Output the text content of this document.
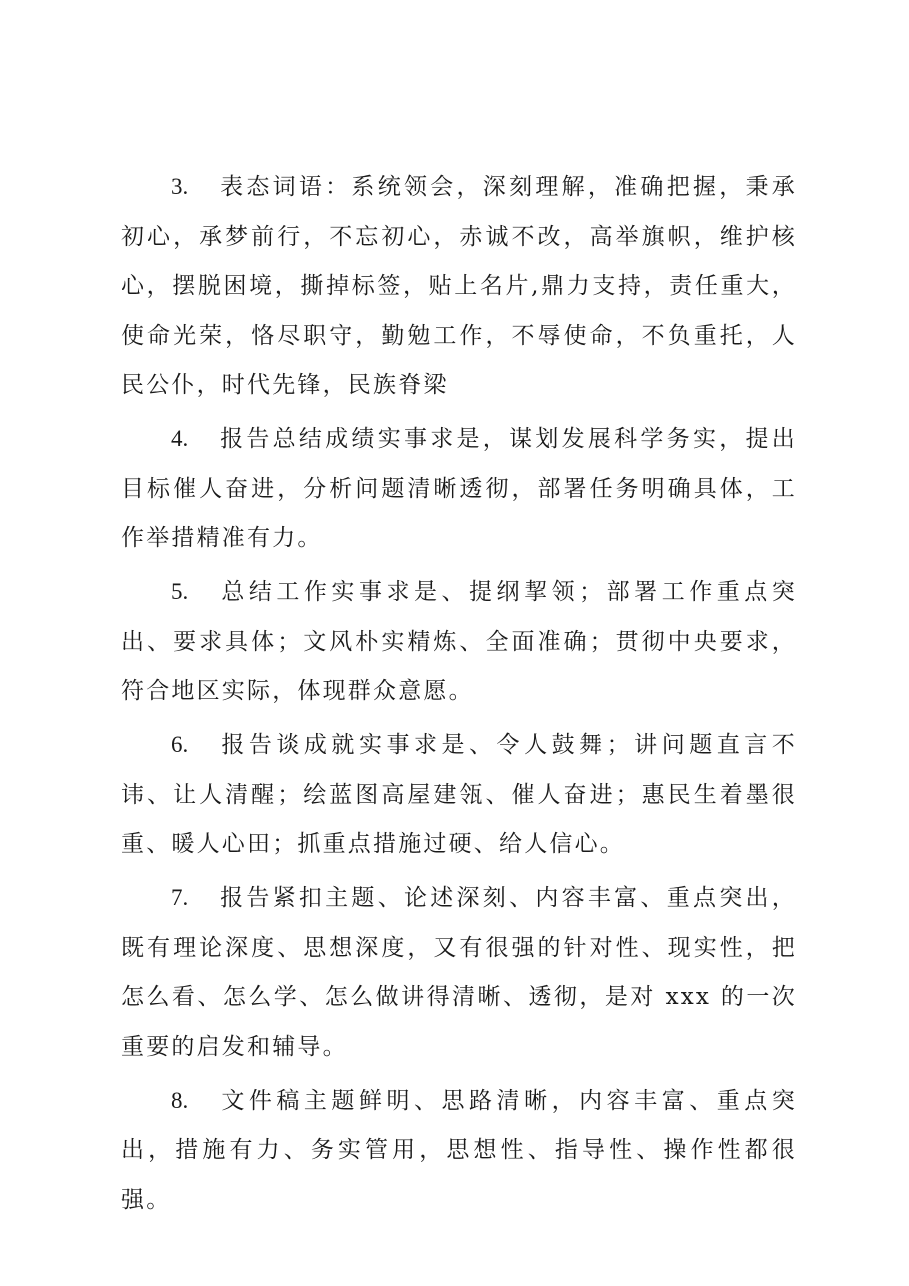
3. 表态词语：系统领会，深刻理解，准确把握，秉承初心，承梦前行，不忘初心，赤诚不改，高举旗帜，维护核心，摆脱困境，撕掉标签，贴上名片,鼎力支持，责任重大，使命光荣，恪尽职守，勤勉工作，不辱使命，不负重托，人民公仆，时代先锋，民族脊梁

4. 报告总结成绩实事求是，谋划发展科学务实，提出目标催人奋进，分析问题清晰透彻，部署任务明确具体，工作举措精准有力。

5. 总结工作实事求是、提纲挈领；部署工作重点突出、要求具体；文风朴实精炼、全面准确；贯彻中央要求，符合地区实际，体现群众意愿。

6. 报告谈成就实事求是、令人鼓舞；讲问题直言不讳、让人清醒；绘蓝图高屋建瓴、催人奋进；惠民生着墨很重、暖人心田；抓重点措施过硬、给人信心。

7. 报告紧扣主题、论述深刻、内容丰富、重点突出，既有理论深度、思想深度，又有很强的针对性、现实性，把怎么看、怎么学、怎么做讲得清晰、透彻，是对 xxx 的一次重要的启发和辅导。

8. 文件稿主题鲜明、思路清晰，内容丰富、重点突出，措施有力、务实管用，思想性、指导性、操作性都很强。
